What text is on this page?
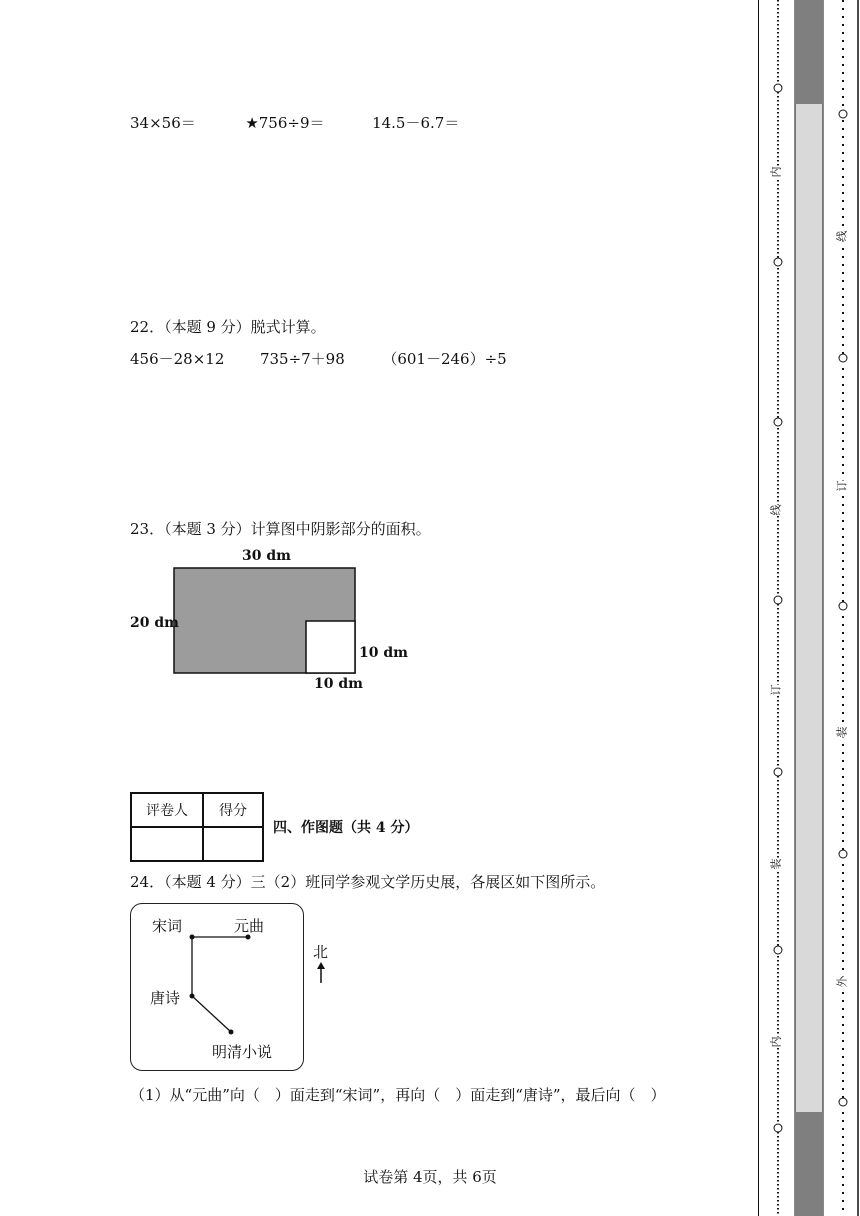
34×56＝	★756÷9＝	14.5－6.7＝
22．（本题 9 分）脱式计算。
456－28×12 735÷7＋98	（601－246）÷5
23．（本题 3 分）计算图中阴影部分的面积。
30 dm
20 dm
10 dm
10 dm
评卷人	得分

四、作图题（共 4 分）
24．（本题 4 分）三（2）班同学参观文学历史展，各展区如下图所示。
宋词	元曲
唐诗
明清小说
北
（1）从“元曲”向（　）面走到“宋词”，再向（　）面走到“唐诗”，最后向（　）
试卷第 4页，共 6页
内
线
订
装
内
线
订
装
外
